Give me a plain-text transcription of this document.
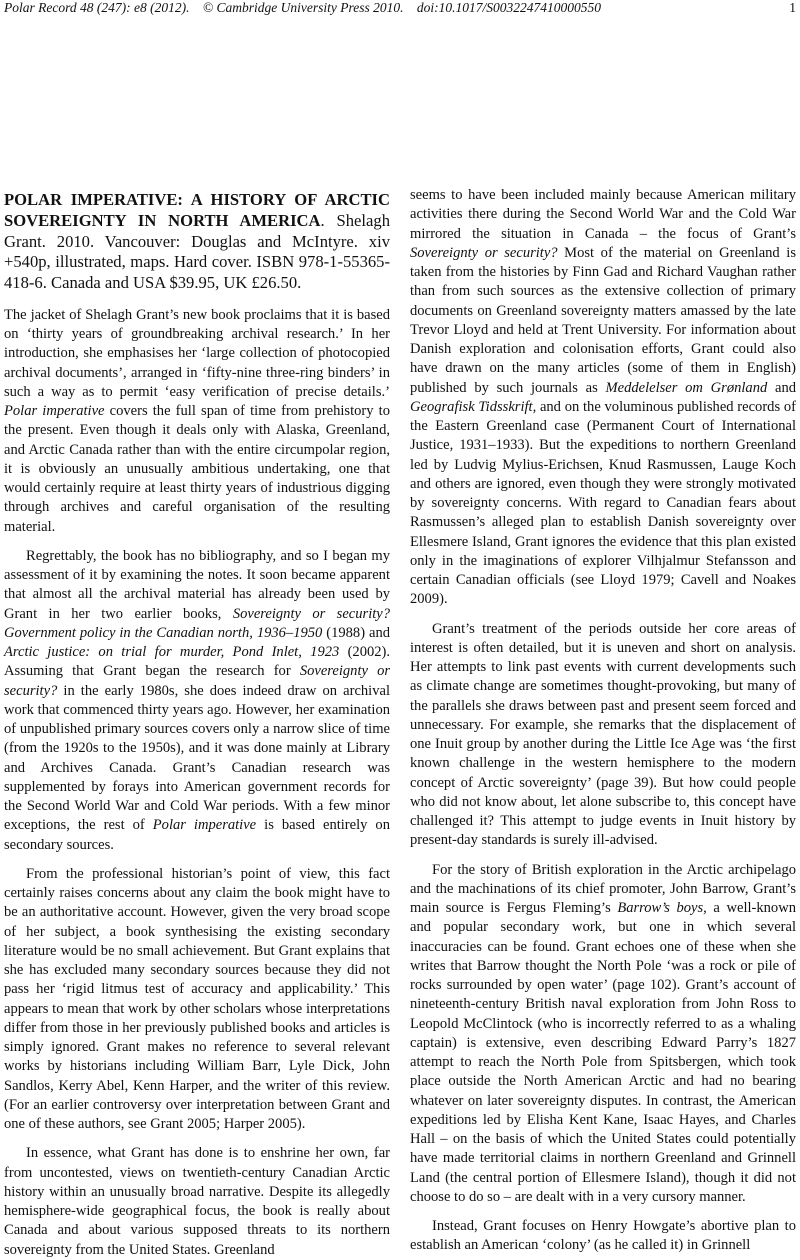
Polar Record 48 (247): e8 (2012). © Cambridge University Press 2010. doi:10.1017/S0032247410000550	1
POLAR IMPERATIVE: A HISTORY OF ARCTIC SOVEREIGNTY IN NORTH AMERICA. Shelagh Grant. 2010. Vancouver: Douglas and McIntyre. xiv +540p, illustrated, maps. Hard cover. ISBN 978-1-55365-418-6. Canada and USA $39.95, UK £26.50.

The jacket of Shelagh Grant’s new book proclaims that it is based on ‘thirty years of groundbreaking archival research.’ In her introduction, she emphasises her ‘large collection of photocopied archival documents’, arranged in ‘fifty-nine three-ring binders’ in such a way as to permit ‘easy verification of precise details.’ Polar imperative covers the full span of time from prehistory to the present. Even though it deals only with Alaska, Greenland, and Arctic Canada rather than with the entire circumpolar region, it is obviously an unusually ambitious undertaking, one that would certainly require at least thirty years of industrious digging through archives and careful organisation of the resulting material.

Regrettably, the book has no bibliography, and so I began my assessment of it by examining the notes. It soon became apparent that almost all the archival material has already been used by Grant in her two earlier books, Sovereignty or security? Government policy in the Canadian north, 1936–1950 (1988) and Arctic justice: on trial for murder, Pond Inlet, 1923 (2002). Assuming that Grant began the research for Sovereignty or security? in the early 1980s, she does indeed draw on archival work that commenced thirty years ago. However, her examination of unpublished primary sources covers only a narrow slice of time (from the 1920s to the 1950s), and it was done mainly at Library and Archives Canada. Grant’s Canadian research was supplemented by forays into American government records for the Second World War and Cold War periods. With a few minor exceptions, the rest of Polar imperative is based entirely on secondary sources.

From the professional historian’s point of view, this fact certainly raises concerns about any claim the book might have to be an authoritative account. However, given the very broad scope of her subject, a book synthesising the existing secondary literature would be no small achievement. But Grant explains that she has excluded many secondary sources because they did not pass her ‘rigid litmus test of accuracy and applicability.’ This appears to mean that work by other scholars whose interpretations differ from those in her previously published books and articles is simply ignored. Grant makes no reference to several relevant works by historians including William Barr, Lyle Dick, John Sandlos, Kerry Abel, Kenn Harper, and the writer of this review. (For an earlier controversy over interpretation between Grant and one of these authors, see Grant 2005; Harper 2005).

In essence, what Grant has done is to enshrine her own, far from uncontested, views on twentieth-century Canadian Arctic history within an unusually broad narrative. Despite its allegedly hemisphere-wide geographical focus, the book is really about Canada and about various supposed threats to its northern sovereignty from the United States. Greenland

seems to have been included mainly because American military activities there during the Second World War and the Cold War mirrored the situation in Canada – the focus of Grant’s Sovereignty or security? Most of the material on Greenland is taken from the histories by Finn Gad and Richard Vaughan rather than from such sources as the extensive collection of primary documents on Greenland sovereignty matters amassed by the late Trevor Lloyd and held at Trent University. For information about Danish exploration and colonisation efforts, Grant could also have drawn on the many articles (some of them in English) published by such journals as Meddelelser om Grønland and Geografisk Tidsskrift, and on the voluminous published records of the Eastern Greenland case (Permanent Court of International Justice, 1931–1933). But the expeditions to northern Greenland led by Ludvig Mylius-Erichsen, Knud Rasmussen, Lauge Koch and others are ignored, even though they were strongly motivated by sovereignty concerns. With regard to Canadian fears about Rasmussen’s alleged plan to establish Danish sovereignty over Ellesmere Island, Grant ignores the evidence that this plan existed only in the imaginations of explorer Vilhjalmur Stefansson and certain Canadian officials (see Lloyd 1979; Cavell and Noakes 2009).

Grant’s treatment of the periods outside her core areas of interest is often detailed, but it is uneven and short on analysis. Her attempts to link past events with current developments such as climate change are sometimes thought-provoking, but many of the parallels she draws between past and present seem forced and unnecessary. For example, she remarks that the displacement of one Inuit group by another during the Little Ice Age was ‘the first known challenge in the western hemisphere to the modern concept of Arctic sovereignty’ (page 39). But how could people who did not know about, let alone subscribe to, this concept have challenged it? This attempt to judge events in Inuit history by present-day standards is surely ill-advised.

For the story of British exploration in the Arctic archipelago and the machinations of its chief promoter, John Barrow, Grant’s main source is Fergus Fleming’s Barrow’s boys, a well-known and popular secondary work, but one in which several inaccuracies can be found. Grant echoes one of these when she writes that Barrow thought the North Pole ‘was a rock or pile of rocks surrounded by open water’ (page 102). Grant’s account of nineteenth-century British naval exploration from John Ross to Leopold McClintock (who is incorrectly referred to as a whaling captain) is extensive, even describing Edward Parry’s 1827 attempt to reach the North Pole from Spitsbergen, which took place outside the North American Arctic and had no bearing whatever on later sovereignty disputes. In contrast, the American expeditions led by Elisha Kent Kane, Isaac Hayes, and Charles Hall – on the basis of which the United States could potentially have made territorial claims in northern Greenland and Grinnell Land (the central portion of Ellesmere Island), though it did not choose to do so – are dealt with in a very cursory manner.

Instead, Grant focuses on Henry Howgate’s abortive plan to establish an American ‘colony’ (as he called it) in Grinnell
